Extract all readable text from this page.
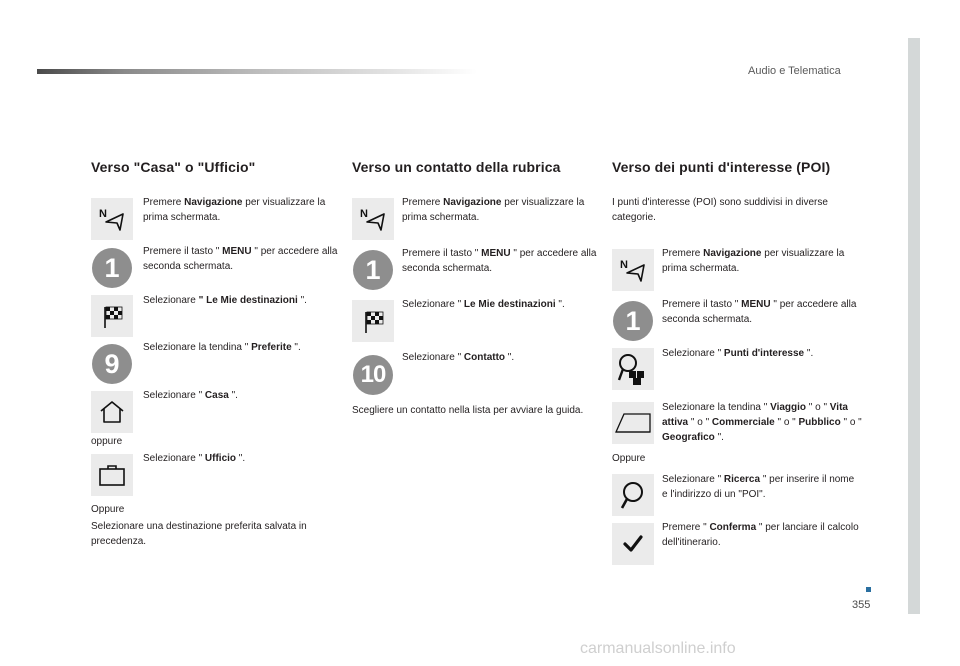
Audio e Telematica
355
carmanualsonline.info
Verso "Casa" o "Ufficio"
N
Premere Navigazione per visualizzare la prima schermata.
1
Premere il tasto " MENU " per accedere alla seconda schermata.
Selezionare " Le Mie destinazioni ".
9
Selezionare la tendina " Preferite ".
Selezionare " Casa ".
oppure
Selezionare " Ufficio ".
Oppure
Selezionare una destinazione preferita salvata in precedenza.
Verso un contatto della rubrica
N
Premere Navigazione per visualizzare la prima schermata.
1
Premere il tasto " MENU " per accedere alla seconda schermata.
Selezionare " Le Mie destinazioni ".
10
Selezionare " Contatto ".
Scegliere un contatto nella lista per avviare la guida.
Verso dei punti d'interesse (POI)
I punti d'interesse (POI) sono suddivisi in diverse categorie.
N
Premere Navigazione per visualizzare la prima schermata.
1
Premere il tasto " MENU " per accedere alla seconda schermata.
Selezionare " Punti d'interesse ".
Selezionare la tendina " Viaggio " o " Vita attiva " o " Commerciale " o " Pubblico " o " Geografico ".
Oppure
Selezionare " Ricerca " per inserire il nome e l'indirizzo di un "POI".
Premere " Conferma " per lanciare il calcolo dell'itinerario.
